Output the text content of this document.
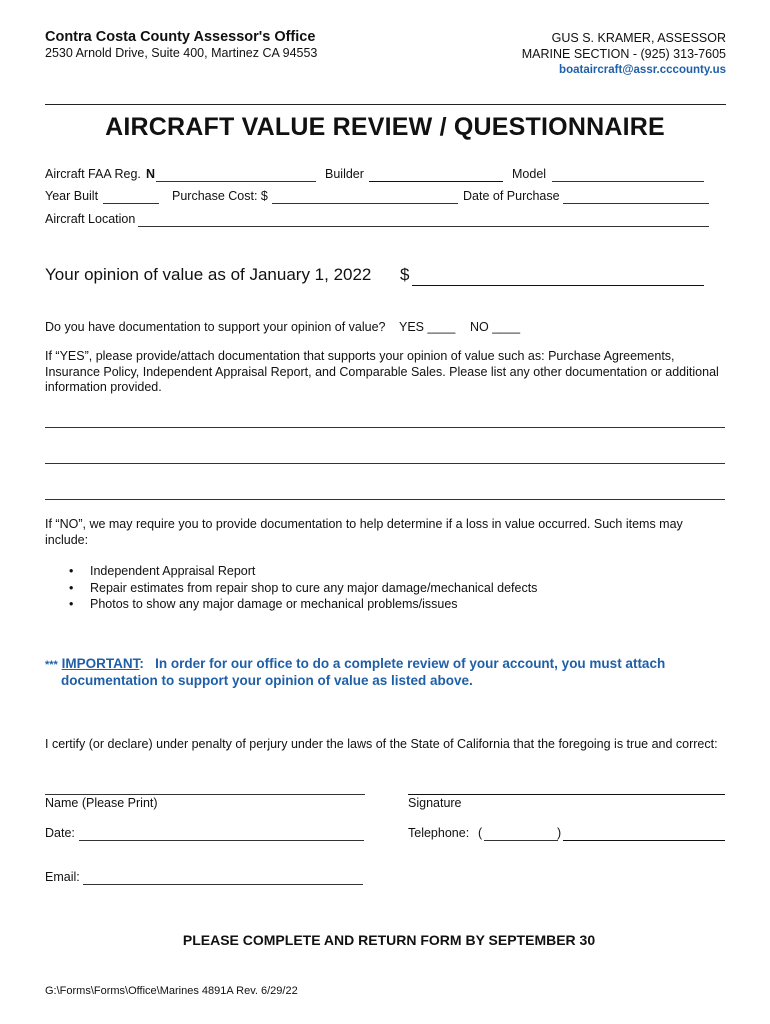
Contra Costa County Assessor's Office
2530 Arnold Drive, Suite 400, Martinez CA 94553
GUS S. KRAMER, ASSESSOR
MARINE SECTION - (925) 313-7605
boataircraft@assr.cccounty.us
AIRCRAFT VALUE REVIEW / QUESTIONNAIRE
Aircraft FAA Reg. N	Builder	Model
Year Built	Purchase Cost: $	Date of Purchase
Aircraft Location
Your opinion of value as of January 1, 2022 $
Do you have documentation to support your opinion of value? YES ____ NO ____
If “YES”, please provide/attach documentation that supports your opinion of value such as: Purchase Agreements, Insurance Policy, Independent Appraisal Report, and Comparable Sales. Please list any other documentation or additional information provided.
If “NO”, we may require you to provide documentation to help determine if a loss in value occurred. Such items may include:
• Independent Appraisal Report
• Repair estimates from repair shop to cure any major damage/mechanical defects
• Photos to show any major damage or mechanical problems/issues
*** IMPORTANT: In order for our office to do a complete review of your account, you must attach
documentation to support your opinion of value as listed above.
I certify (or declare) under penalty of perjury under the laws of the State of California that the foregoing is true and correct:
Name (Please Print)	Signature
Date:	Telephone: (	)
Email:
PLEASE COMPLETE AND RETURN FORM BY SEPTEMBER 30
G:\Forms\Forms\Office\Marines 4891A Rev. 6/29/22
